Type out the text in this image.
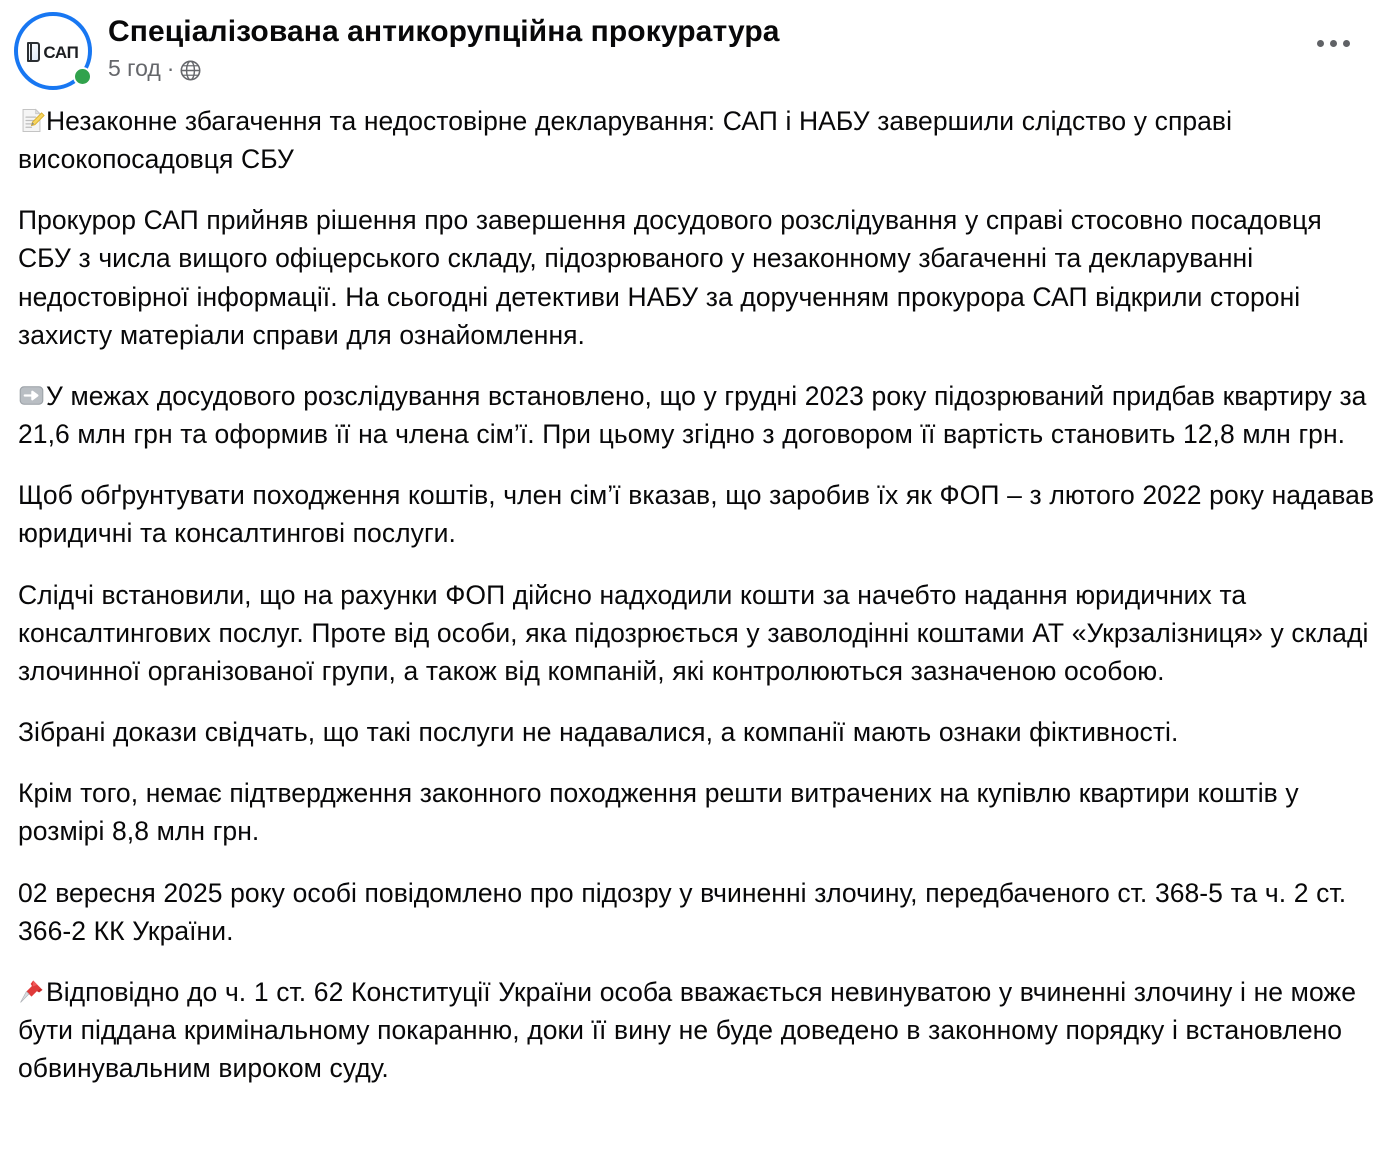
САП
Спеціалізована антикорупційна прокуратура
5 год ·

Незаконне збагачення та недостовірне декларування: САП і НАБУ завершили слідство у справі високопосадовця СБУ

Прокурор САП прийняв рішення про завершення досудового розслідування у справі стосовно посадовця СБУ з числа вищого офіцерського складу, підозрюваного у незаконному збагаченні та декларуванні недостовірної інформації. На сьогодні детективи НАБУ за дорученням прокурора САП відкрили стороні захисту матеріали справи для ознайомлення.

У межах досудового розслідування встановлено, що у грудні 2023 року підозрюваний придбав квартиру за 21,6 млн грн та оформив її на члена сім’ї. При цьому згідно з договором її вартість становить 12,8 млн грн.

Щоб обґрунтувати походження коштів, член сім’ї вказав, що заробив їх як ФОП – з лютого 2022 року надавав юридичні та консалтингові послуги.

Слідчі встановили, що на рахунки ФОП дійсно надходили кошти за начебто надання юридичних та консалтингових послуг. Проте від особи, яка підозрюється у заволодінні коштами АТ «Укрзалізниця» у складі злочинної організованої групи, а також від компаній, які контролюються зазначеною особою.

Зібрані докази свідчать, що такі послуги не надавалися, а компанії мають ознаки фіктивності.

Крім того, немає підтвердження законного походження решти витрачених на купівлю квартири коштів у розмірі 8,8 млн грн.

02 вересня 2025 року особі повідомлено про підозру у вчиненні злочину, передбаченого ст. 368-5 та ч. 2 ст. 366-2 КК України.

Відповідно до ч. 1 ст. 62 Конституції України особа вважається невинуватою у вчиненні злочину і не може бути піддана кримінальному покаранню, доки її вину не буде доведено в законному порядку і встановлено обвинувальним вироком суду.
